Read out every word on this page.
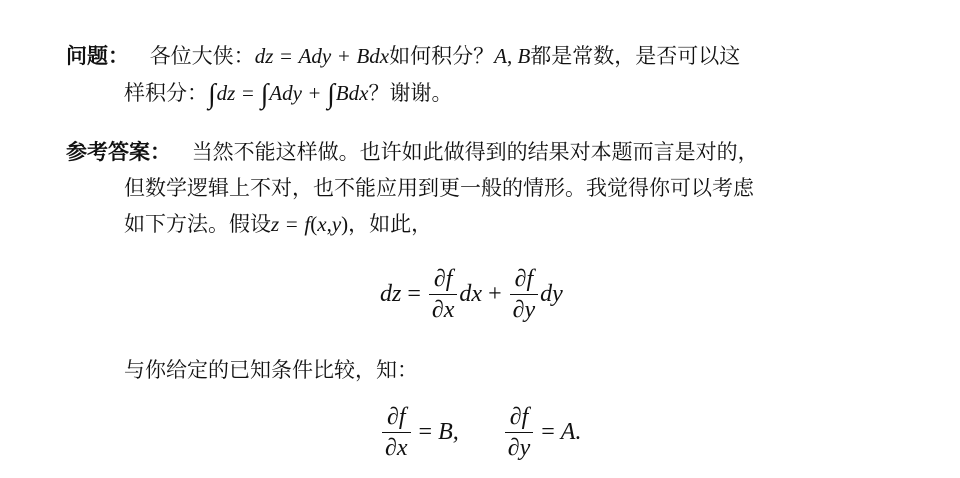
问题： 各位大侠：dz = Ady + Bdx如何积分？A, B都是常数，是否可以这
样积分：∫dz = ∫Ady + ∫Bdx？谢谢。
参考答案： 当然不能这样做。也许如此做得到的结果对本题而言是对的，
但数学逻辑上不对，也不能应用到更一般的情形。我觉得你可以考虑
如下方法。假设z = f(x,y)，如此，
dz = $\frac{\partial f}{\partial x}$ dx + $\frac{\partial f}{\partial y}$ dy
与你给定的已知条件比较，知：
$\frac{\partial f}{\partial x} = B$, $\frac{\partial f}{\partial y} = A$.
